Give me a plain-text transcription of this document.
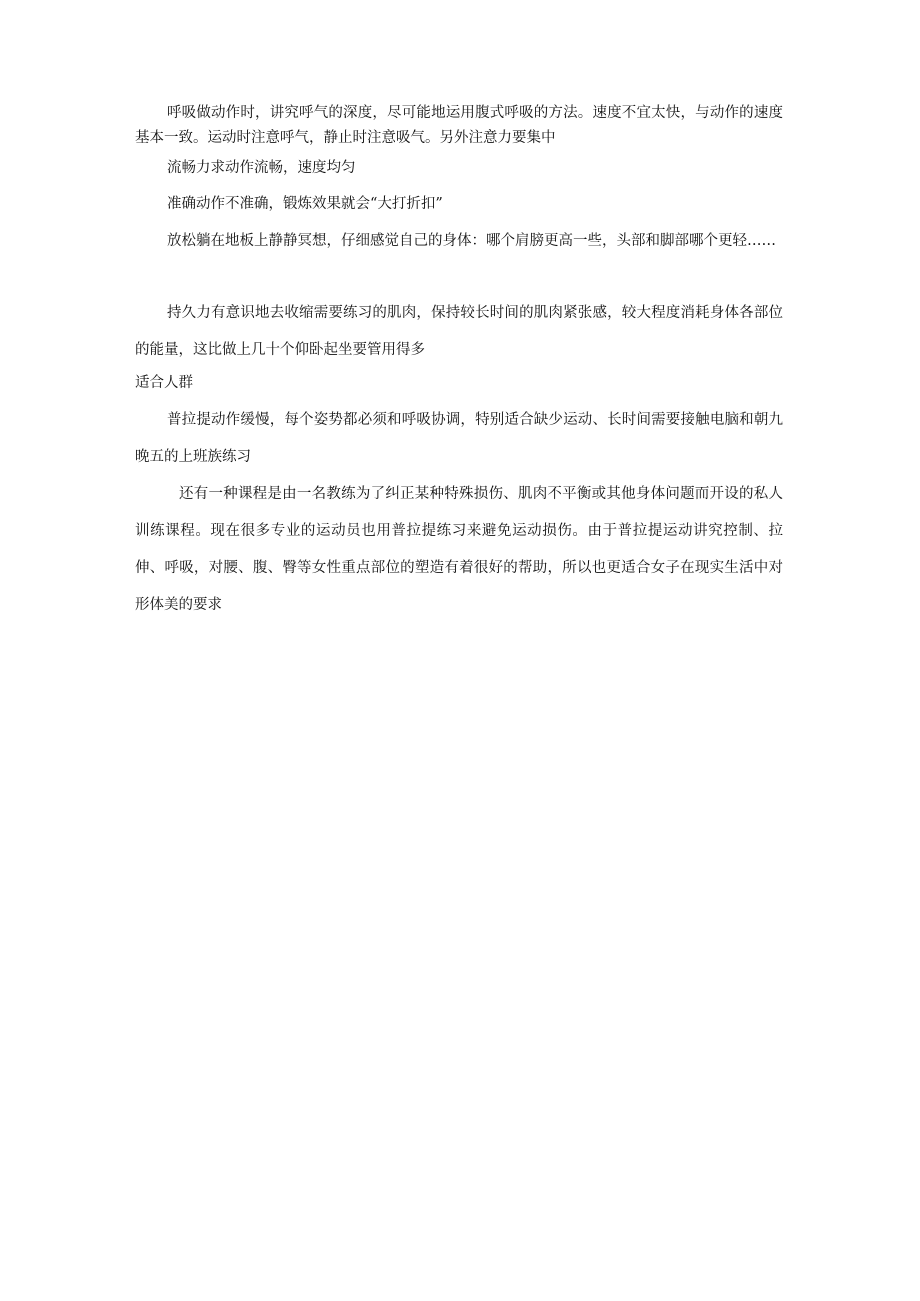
呼吸做动作时，讲究呼气的深度，尽可能地运用腹式呼吸的方法。速度不宜太快，与动作的速度基本一致。运动时注意呼气，静止时注意吸气。另外注意力要集中

流畅力求动作流畅，速度均匀

准确动作不准确，锻炼效果就会“大打折扣”

放松躺在地板上静静冥想，仔细感觉自己的身体：哪个肩膀更高一些，头部和脚部哪个更轻……

持久力有意识地去收缩需要练习的肌肉，保持较长时间的肌肉紧张感，较大程度消耗身体各部位的能量，这比做上几十个仰卧起坐要管用得多

适合人群

普拉提动作缓慢，每个姿势都必须和呼吸协调，特别适合缺少运动、长时间需要接触电脑和朝九晚五的上班族练习

还有一种课程是由一名教练为了纠正某种特殊损伤、肌肉不平衡或其他身体问题而开设的私人训练课程。现在很多专业的运动员也用普拉提练习来避免运动损伤。由于普拉提运动讲究控制、拉伸、呼吸，对腰、腹、臀等女性重点部位的塑造有着很好的帮助，所以也更适合女子在现实生活中对形体美的要求
